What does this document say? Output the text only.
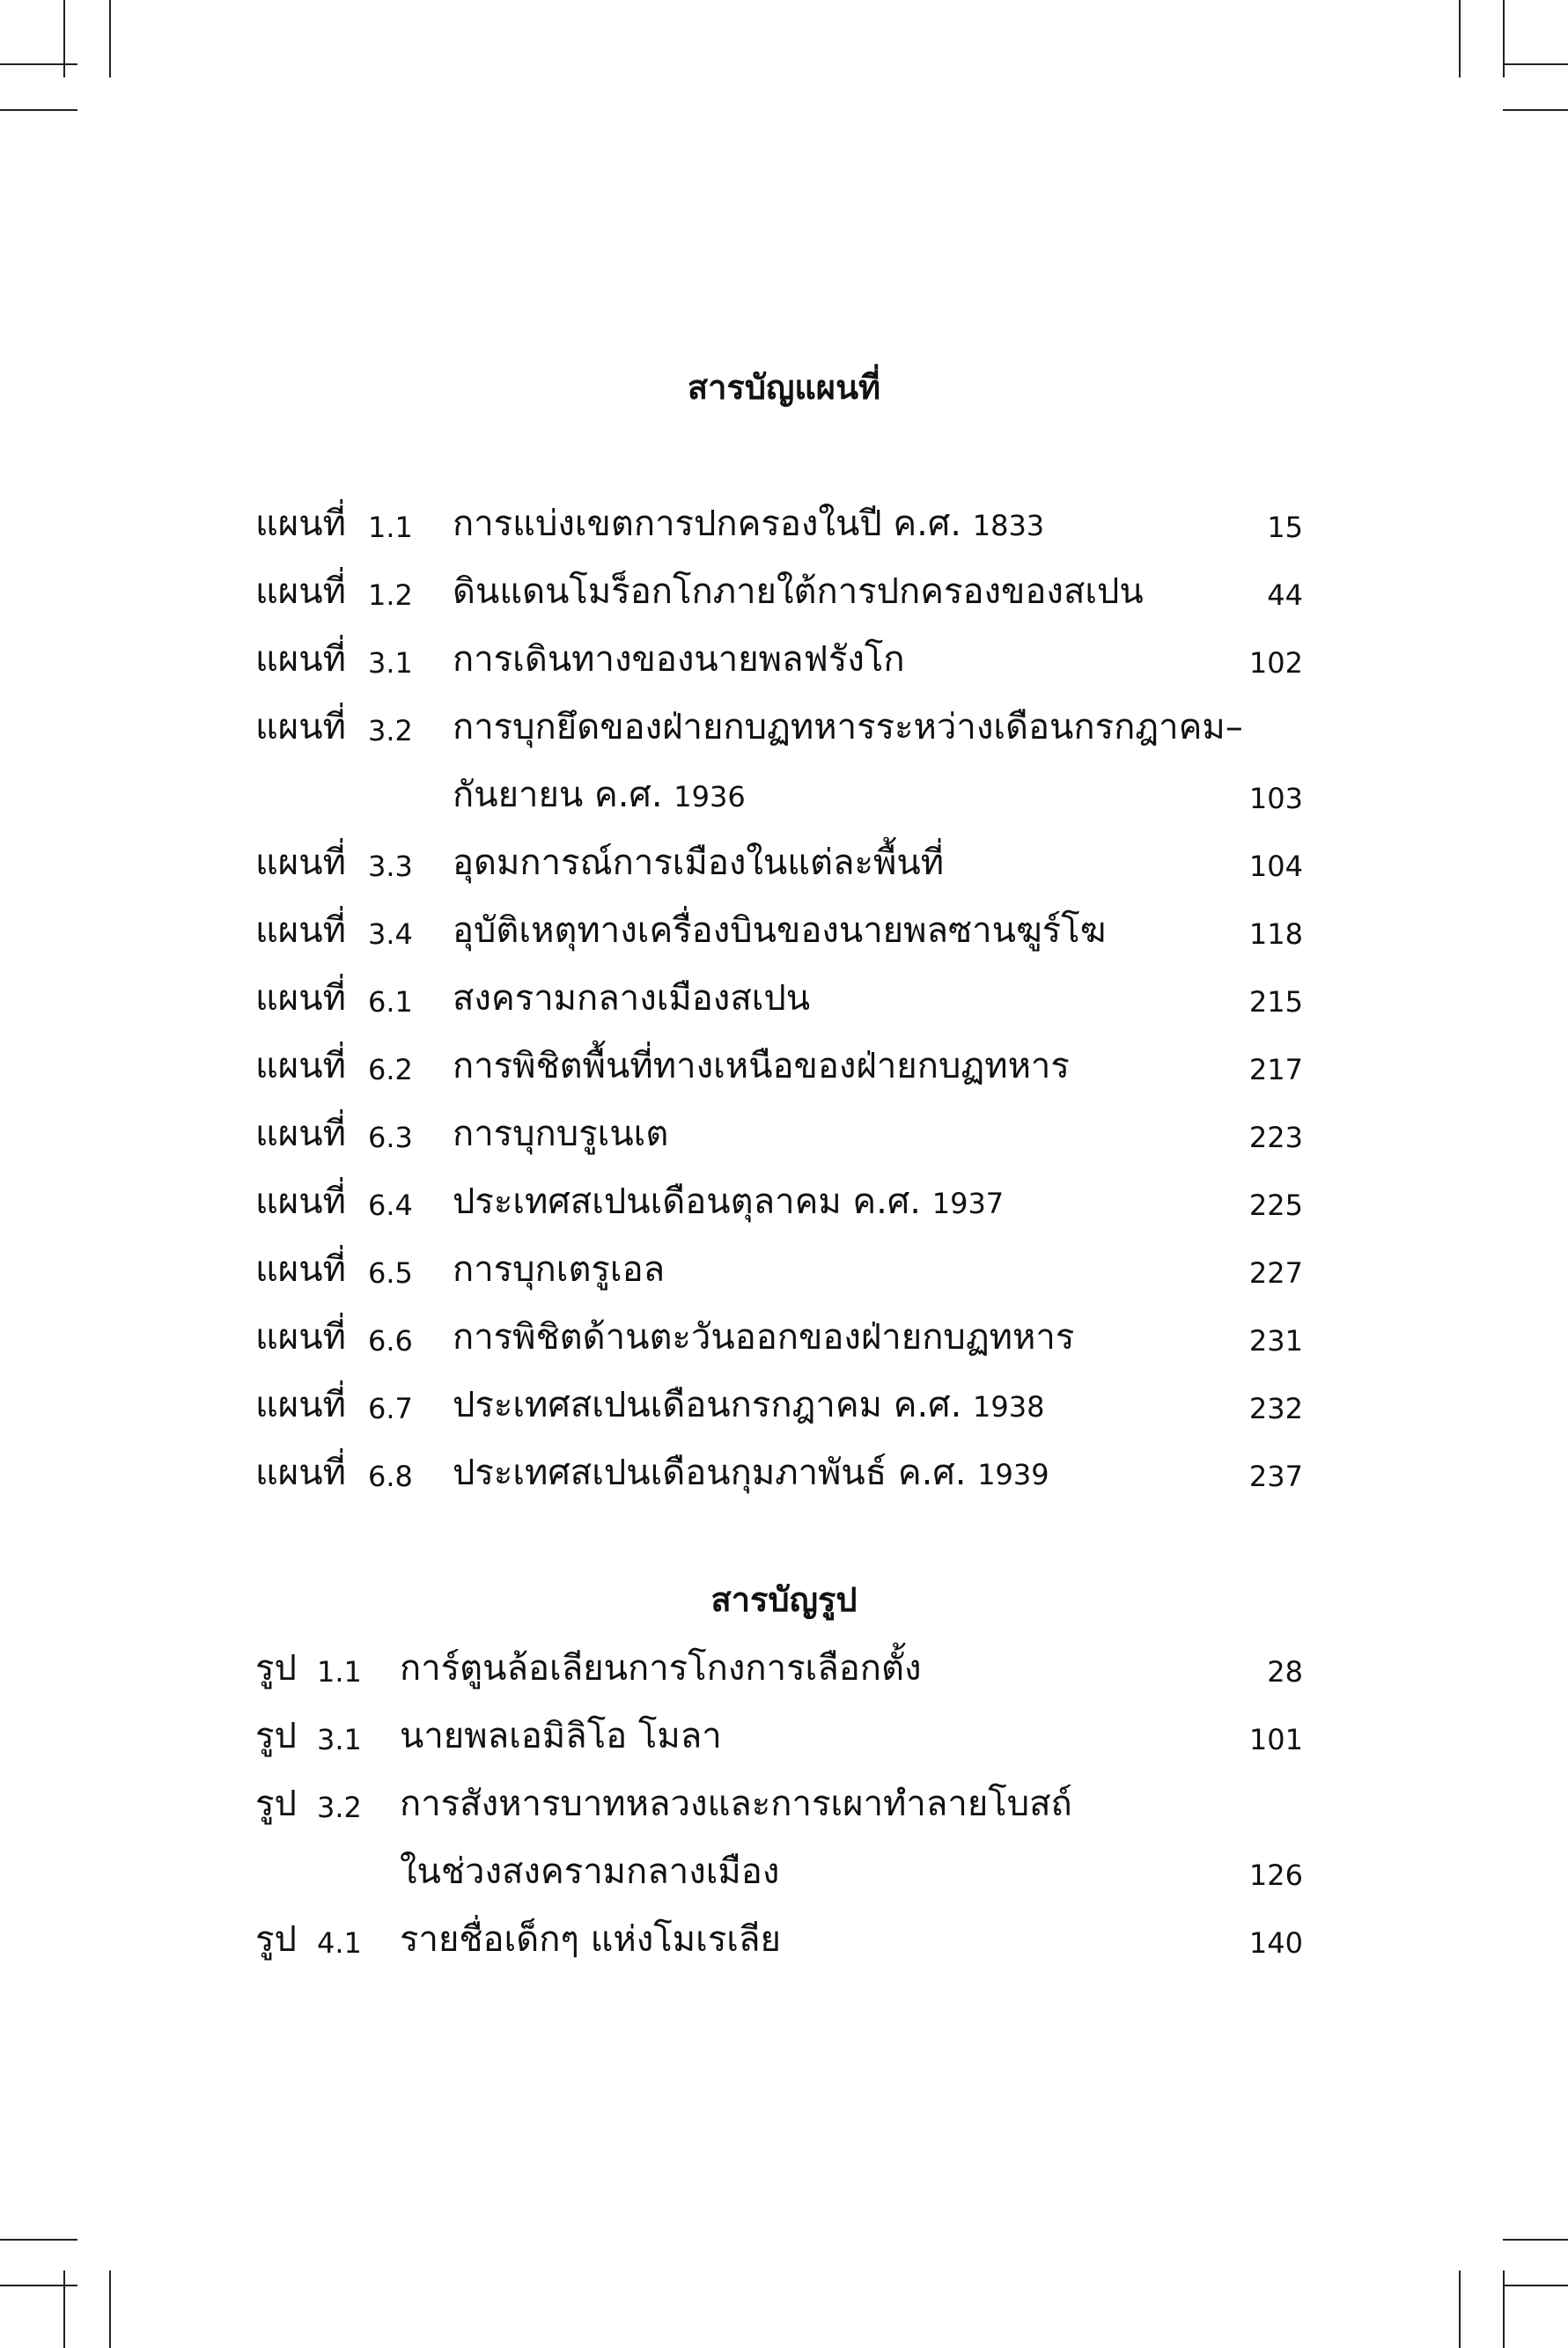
สารบัญแผนที่
แผนที่ 1.1 การแบ่งเขตการปกครองในปี ค.ศ. 1833	15
แผนที่ 1.2 ดินแดนโมร็อกโกภายใต้การปกครองของสเปน	44
แผนที่ 3.1 การเดินทางของนายพลฟรังโก	102
แผนที่ 3.2 การบุกยึดของฝ่ายกบฏทหารระหว่างเดือนกรกฎาคม–
กันยายน ค.ศ. 1936	103
แผนที่ 3.3 อุดมการณ์การเมืองในแต่ละพื้นที่	104
แผนที่ 3.4 อุบัติเหตุทางเครื่องบินของนายพลซานฆูร์โฆ	118
แผนที่ 6.1 สงครามกลางเมืองสเปน	215
แผนที่ 6.2 การพิชิตพื้นที่ทางเหนือของฝ่ายกบฏทหาร	217
แผนที่ 6.3 การบุกบรูเนเต	223
แผนที่ 6.4 ประเทศสเปนเดือนตุลาคม ค.ศ. 1937	225
แผนที่ 6.5 การบุกเตรูเอล	227
แผนที่ 6.6 การพิชิตด้านตะวันออกของฝ่ายกบฏทหาร	231
แผนที่ 6.7 ประเทศสเปนเดือนกรกฎาคม ค.ศ. 1938	232
แผนที่ 6.8 ประเทศสเปนเดือนกุมภาพันธ์ ค.ศ. 1939	237
สารบัญรูป
รูป 1.1 การ์ตูนล้อเลียนการโกงการเลือกตั้ง	28
รูป 3.1 นายพลเอมิลิโอ โมลา	101
รูป 3.2 การสังหารบาทหลวงและการเผาทำลายโบสถ์
ในช่วงสงครามกลางเมือง	126
รูป 4.1 รายชื่อเด็กๆ แห่งโมเรเลีย	140
